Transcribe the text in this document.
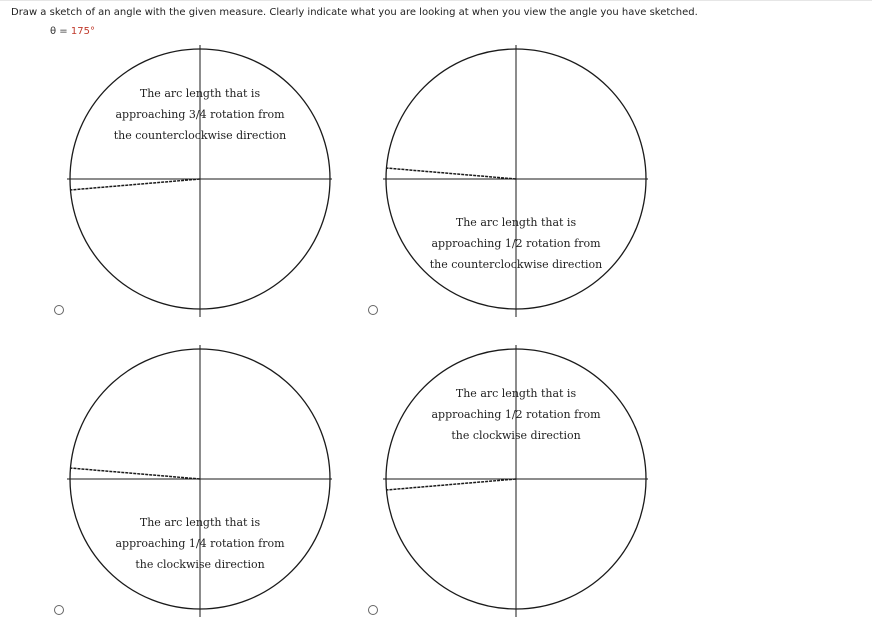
Draw a sketch of an angle with the given measure. Clearly indicate what you are looking at when you view the angle you have sketched.
θ = 175°
The arc length that is
approaching 3/4 rotation from
the counterclockwise direction
The arc length that is
approaching 1/2 rotation from
the counterclockwise direction
The arc length that is
approaching 1/4 rotation from
the clockwise direction
The arc length that is
approaching 1/2 rotation from
the clockwise direction
